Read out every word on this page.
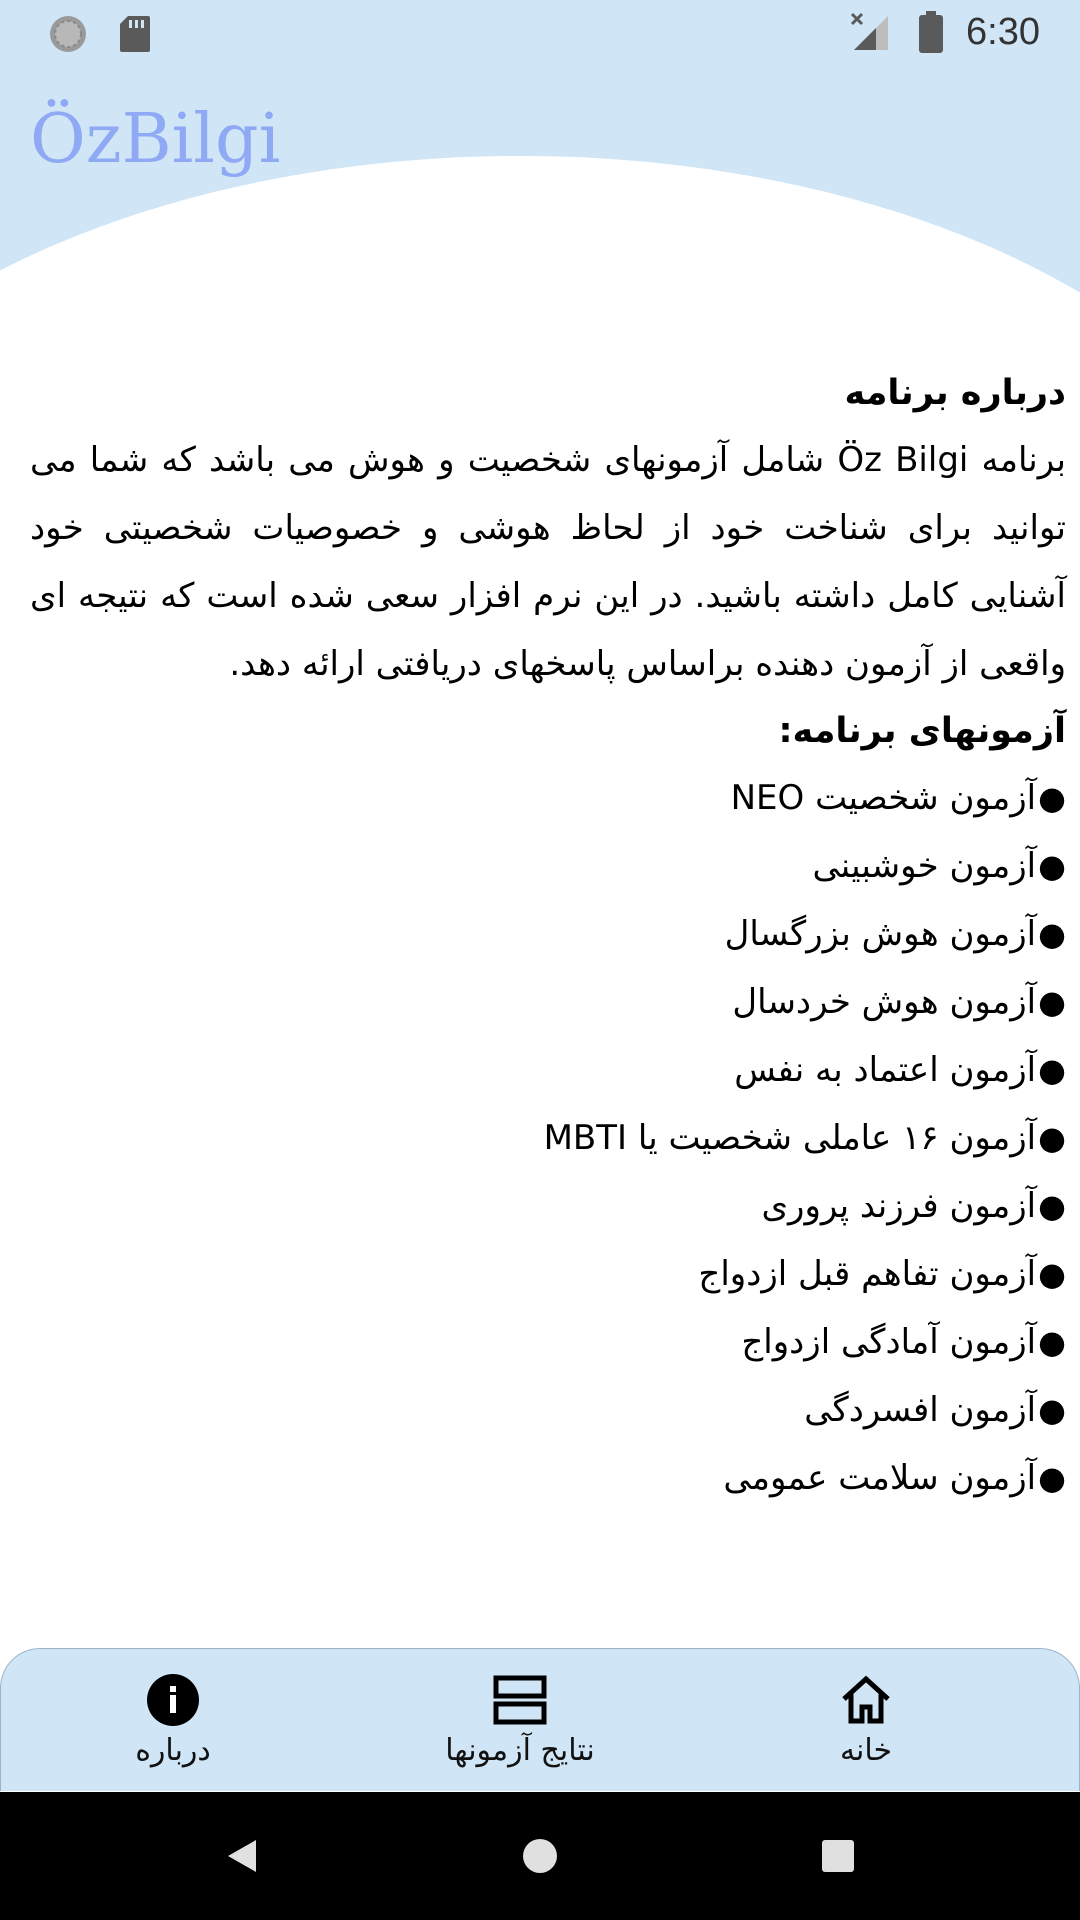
6:30
ÖzBilgi
درباره برنامه

برنامه Öz Bilgi شامل آزمونهای شخصیت و هوش می باشد که شما می توانید برای شناخت خود از لحاظ هوشی و خصوصیات شخصیتی خود آشنایی کامل داشته باشید. در این نرم افزار سعی شده است که نتیجه ای واقعی از آزمون دهنده براساس پاسخهای دریافتی ارائه دهد.

آزمونهای برنامه:
●آزمون شخصیت NEO
●آزمون خوشبینی
●آزمون هوش بزرگسال
●آزمون هوش خردسال
●آزمون اعتماد به نفس
●آزمون ۱۶ عاملی شخصیت یا MBTI
●آزمون فرزند پروری
●آزمون تفاهم قبل ازدواج
●آزمون آمادگی ازدواج
●آزمون افسردگی
●آزمون سلامت عمومی
درباره	نتایج آزمونها	خانه
